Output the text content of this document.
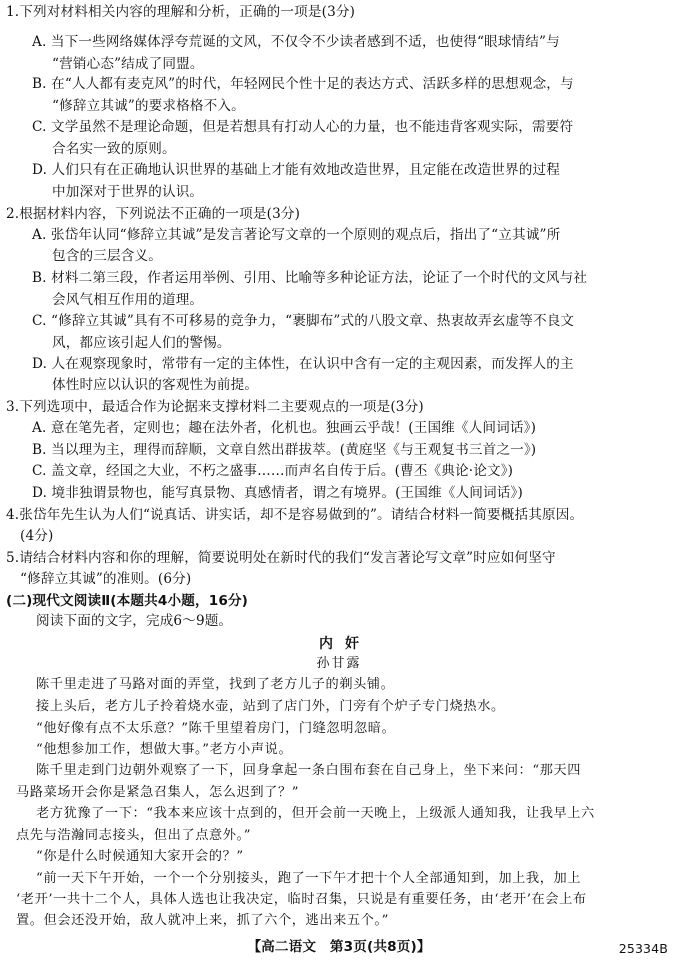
1.下列对材料相关内容的理解和分析，正确的一项是(3分)
A. 当下一些网络媒体浮夸荒诞的文风，不仅令不少读者感到不适，也使得“眼球情结”与
“营销心态”结成了同盟。
B. 在“人人都有麦克风”的时代，年轻网民个性十足的表达方式、活跃多样的思想观念，与
“修辞立其诚”的要求格格不入。
C. 文学虽然不是理论命题，但是若想具有打动人心的力量，也不能违背客观实际，需要符
合名实一致的原则。
D. 人们只有在正确地认识世界的基础上才能有效地改造世界，且定能在改造世界的过程
中加深对于世界的认识。
2.根据材料内容，下列说法不正确的一项是(3分)
A. 张岱年认同“修辞立其诚”是发言著论写文章的一个原则的观点后，指出了“立其诚”所
包含的三层含义。
B. 材料二第三段，作者运用举例、引用、比喻等多种论证方法，论证了一个时代的文风与社
会风气相互作用的道理。
C. “修辞立其诚”具有不可移易的竞争力，“裹脚布”式的八股文章、热衷故弄玄虚等不良文
风，都应该引起人们的警惕。
D. 人在观察现象时，常带有一定的主体性，在认识中含有一定的主观因素，而发挥人的主
体性时应以认识的客观性为前提。
3.下列选项中，最适合作为论据来支撑材料二主要观点的一项是(3分)
A. 意在笔先者，定则也；趣在法外者，化机也。独画云乎哉！(王国维《人间词话》)
B. 当以理为主，理得而辞顺，文章自然出群拔萃。(黄庭坚《与王观复书三首之一》)
C. 盖文章，经国之大业，不朽之盛事……而声名自传于后。(曹丕《典论·论文》)
D. 境非独谓景物也，能写真景物、真感情者，谓之有境界。(王国维《人间词话》)
4.张岱年先生认为人们“说真话、讲实话，却不是容易做到的”。请结合材料一简要概括其原因。
(4分)
5.请结合材料内容和你的理解，简要说明处在新时代的我们“发言著论写文章”时应如何坚守
“修辞立其诚”的准则。(6分)
(二)现代文阅读Ⅱ(本题共4小题，16分)
阅读下面的文字，完成6～9题。
内奸
孙甘露
陈千里走进了马路对面的弄堂，找到了老方儿子的剃头铺。
接上头后，老方儿子拎着烧水壶，站到了店门外，门旁有个炉子专门烧热水。
“他好像有点不太乐意？”陈千里望着房门，门缝忽明忽暗。
“他想参加工作，想做大事。”老方小声说。
陈千里走到门边朝外观察了一下，回身拿起一条白围布套在自己身上，坐下来问：“那天四
马路菜场开会你是紧急召集人，怎么迟到了？”
老方犹豫了一下：“我本来应该十点到的，但开会前一天晚上，上级派人通知我，让我早上六
点先与浩瀚同志接头，但出了点意外。”
“你是什么时候通知大家开会的？”
“前一天下午开始，一个一个分别接头，跑了一下午才把十个人全部通知到，加上我，加上
‘老开’一共十二个人，具体人选也让我决定，临时召集，只说是有重要任务，由‘老开’在会上布
置。但会还没开始，敌人就冲上来，抓了六个，逃出来五个。”
【高二语文　第3页(共8页)】	25334B
